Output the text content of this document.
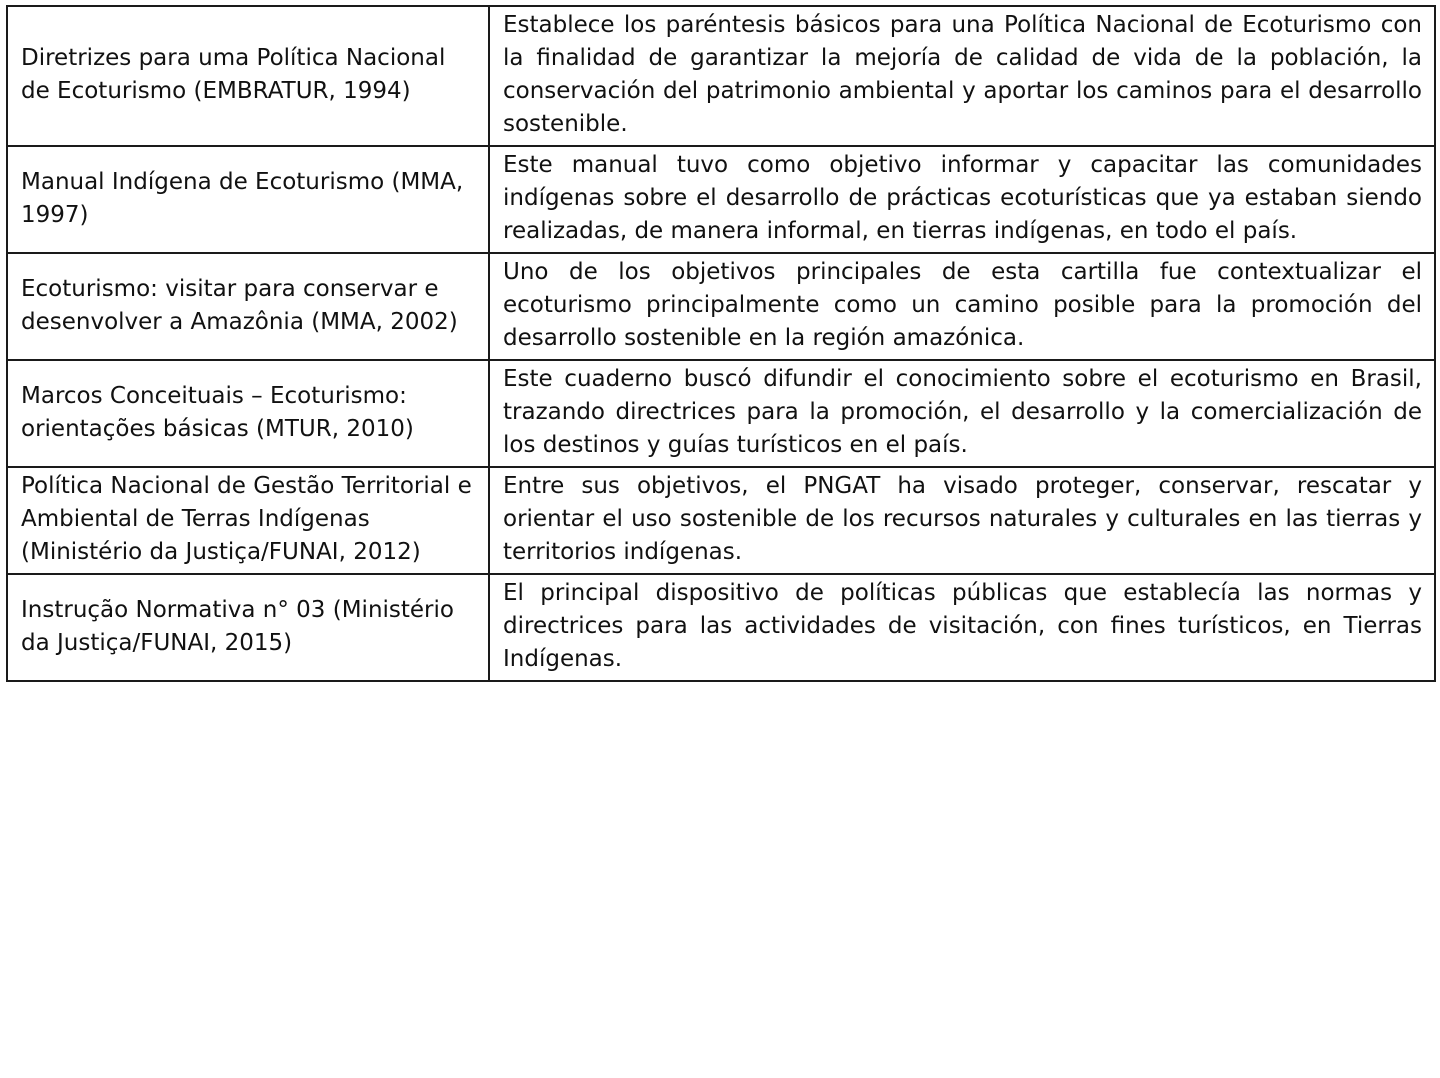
Diretrizes para uma Política Nacional de Ecoturismo (EMBRATUR, 1994)	Establece los paréntesis básicos para una Política Nacional de Ecoturismo con la finalidad de garantizar la mejoría de calidad de vida de la población, la conservación del patrimonio ambiental y aportar los caminos para el desarrollo sostenible.
Manual Indígena de Ecoturismo (MMA, 1997)	Este manual tuvo como objetivo informar y capacitar las comunidades indígenas sobre el desarrollo de prácticas ecoturísticas que ya estaban siendo realizadas, de manera informal, en tierras indígenas, en todo el país.
Ecoturismo: visitar para conservar e desenvolver a Amazônia (MMA, 2002)	Uno de los objetivos principales de esta cartilla fue contextualizar el ecoturismo principalmente como un camino posible para la promoción del desarrollo sostenible en la región amazónica.
Marcos Conceituais – Ecoturismo: orientações básicas (MTUR, 2010)	Este cuaderno buscó difundir el conocimiento sobre el ecoturismo en Brasil, trazando directrices para la promoción, el desarrollo y la comercialización de los destinos y guías turísticos en el país.
Política Nacional de Gestão Territorial e Ambiental de Terras Indígenas (Ministério da Justiça/FUNAI, 2012)	Entre sus objetivos, el PNGAT ha visado proteger, conservar, rescatar y orientar el uso sostenible de los recursos naturales y culturales en las tierras y territorios indígenas.
Instrução Normativa n° 03 (Ministério da Justiça/FUNAI, 2015)	El principal dispositivo de políticas públicas que establecía las normas y directrices para las actividades de visitación, con fines turísticos, en Tierras Indígenas.
